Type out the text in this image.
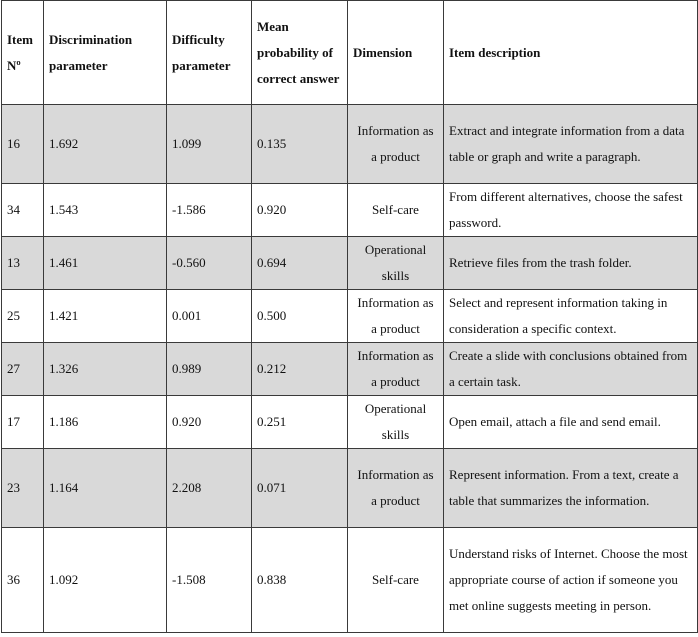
Item Nº	Discrimination parameter	Difficulty parameter	Mean probability of correct answer	Dimension	Item description
16	1.692	1.099	0.135	Information as a product	Extract and integrate information from a data table or graph and write a paragraph.
34	1.543	-1.586	0.920	Self-care	From different alternatives, choose the safest password.
13	1.461	-0.560	0.694	Operational skills	Retrieve files from the trash folder.
25	1.421	0.001	0.500	Information as a product	Select and represent information taking in consideration a specific context.
27	1.326	0.989	0.212	Information as a product	Create a slide with conclusions obtained from a certain task.
17	1.186	0.920	0.251	Operational skills	Open email, attach a file and send email.
23	1.164	2.208	0.071	Information as a product	Represent information. From a text, create a table that summarizes the information.
36	1.092	-1.508	0.838	Self-care	Understand risks of Internet. Choose the most appropriate course of action if someone you met online suggests meeting in person.
